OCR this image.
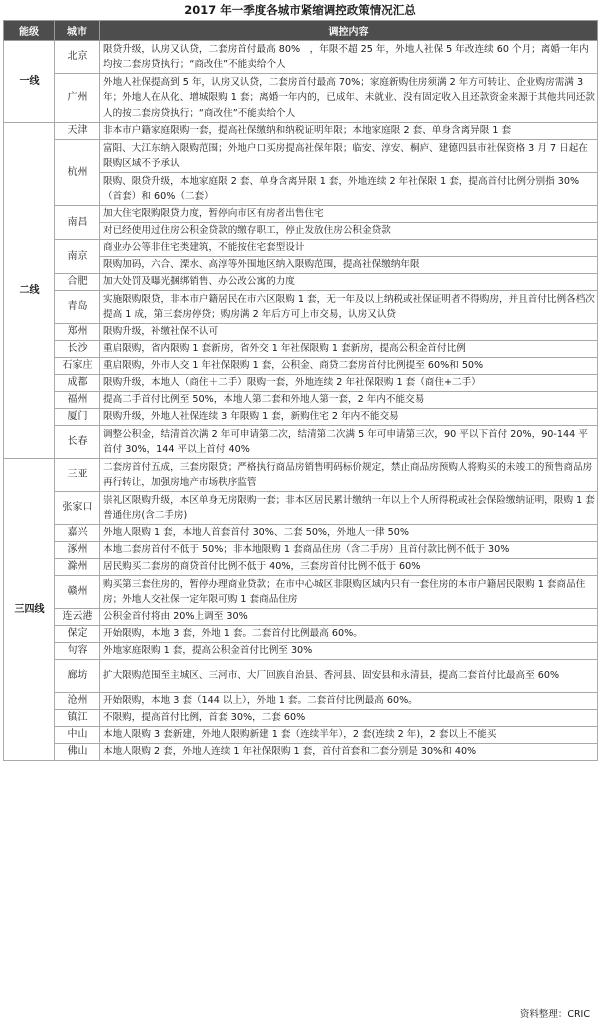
2017 年一季度各城市紧缩调控政策情况汇总
能级	城市	调控内容
一线	北京	限贷升级，认房又认贷，二套房首付最高 80%　，年限不超 25 年，外地人社保 5 年改连续 60 个月；离婚一年内均按二套房贷执行；“商改住”不能卖给个人
	广州	外地人社保提高到 5 年，认房又认贷，二套房首付最高 70%；家庭新购住房须满 2 年方可转让、企业购房需满 3 年；外地人在从化、增城限购 1 套；离婚一年内的，已成年、未就业、没有固定收入且还款资金来源于其他共同还款人的按二套房贷执行；“商改住”不能卖给个人
二线	天津	非本市户籍家庭限购一套，提高社保缴纳和纳税证明年限；本地家庭限 2 套、单身含离异限 1 套
	杭州	富阳、大江东纳入限购范围；外地户口买房提高社保年限；临安、淳安、桐庐、建德四县市社保资格 3 月 7 日起在限购区域不予承认
		限购、限贷升级，本地家庭限 2 套、单身含离异限 1 套，外地连续 2 年社保限 1 套，提高首付比例分别指 30%（首套）和 60%（二套）
	南昌	加大住宅限购限贷力度，暂停向市区有房者出售住宅
		对已经使用过住房公积金贷款的缴存职工，停止发放住房公积金贷款
	南京	商业办公等非住宅类建筑，不能按住宅套型设计
		限购加码，六合、溧水、高淳等外围地区纳入限购范围，提高社保缴纳年限
	合肥	加大处罚及曝光捆绑销售、办公改公寓的力度
	青岛	实施限购限贷，非本市户籍居民在市六区限购 1 套，无一年及以上纳税或社保证明者不得购房，并且首付比例各档次提高 1 成，第三套房停贷；购房满 2 年后方可上市交易，认房又认贷
	郑州	限购升级，补缴社保不认可
	长沙	重启限购，省内限购 1 套新房，省外交 1 年社保限购 1 套新房，提高公积金首付比例
	石家庄	重启限购，外市人交 1 年社保限购 1 套，公积金、商贷二套房首付比例提至 60%和 50%
	成都	限购升级，本地人（商住＋二手）限购一套，外地连续 2 年社保限购 1 套（商住+二手）
	福州	提高二手首付比例至 50%，本地人第二套和外地人第一套，2 年内不能交易
	厦门	限购升级，外地人社保连续 3 年限购 1 套，新购住宅 2 年内不能交易
	长春	调整公积金，结清首次满 2 年可申请第二次，结清第二次满 5 年可申请第三次，90 平以下首付 20%，90-144 平首付 30%，144 平以上首付 40%
三四线	三亚	二套房首付五成，三套房限贷；严格执行商品房销售明码标价规定，禁止商品房预购人将购买的未竣工的预售商品房再行转让，加强房地产市场秩序监管
	张家口	崇礼区限购升级，本区单身无房限购一套；非本区居民累计缴纳一年以上个人所得税或社会保险缴纳证明，限购 1 套普通住房(含二手房)
	嘉兴	外地人限购 1 套，本地人首套首付 30%、二套 50%，外地人一律 50%
	涿州	本地二套房首付不低于 50%；非本地限购 1 套商品住房（含二手房）且首付款比例不低于 30%
	滁州	居民购买二套房的商贷首付比例不低于 40%，三套房首付比例不低于 60%
	赣州	购买第三套住房的，暂停办理商业贷款；在市中心城区非限购区域内只有一套住房的本市户籍居民限购 1 套商品住房；外地人交社保一定年限可购 1 套商品住房
	连云港	公积金首付将由 20%上调至 30%
	保定	开始限购，本地 3 套，外地 1 套。二套首付比例最高 60%。
	句容	外地家庭限购 1 套，提高公积金首付比例至 30%
	廊坊	扩大限购范围至主城区、三河市、大厂回族自治县、香河县、固安县和永清县，提高二套首付比最高至 60%
	沧州	开始限购，本地 3 套（144 以上），外地 1 套。二套首付比例最高 60%。
	镇江	不限购，提高首付比例，首套 30%，二套 60%
	中山	本地人限购 3 套新建，外地人限购新建 1 套（连续半年），2 套(连续 2 年)，2 套以上不能买
	佛山	本地人限购 2 套，外地人连续 1 年社保限购 1 套，首付首套和二套分别是 30%和 40%
资料整理：CRIC
